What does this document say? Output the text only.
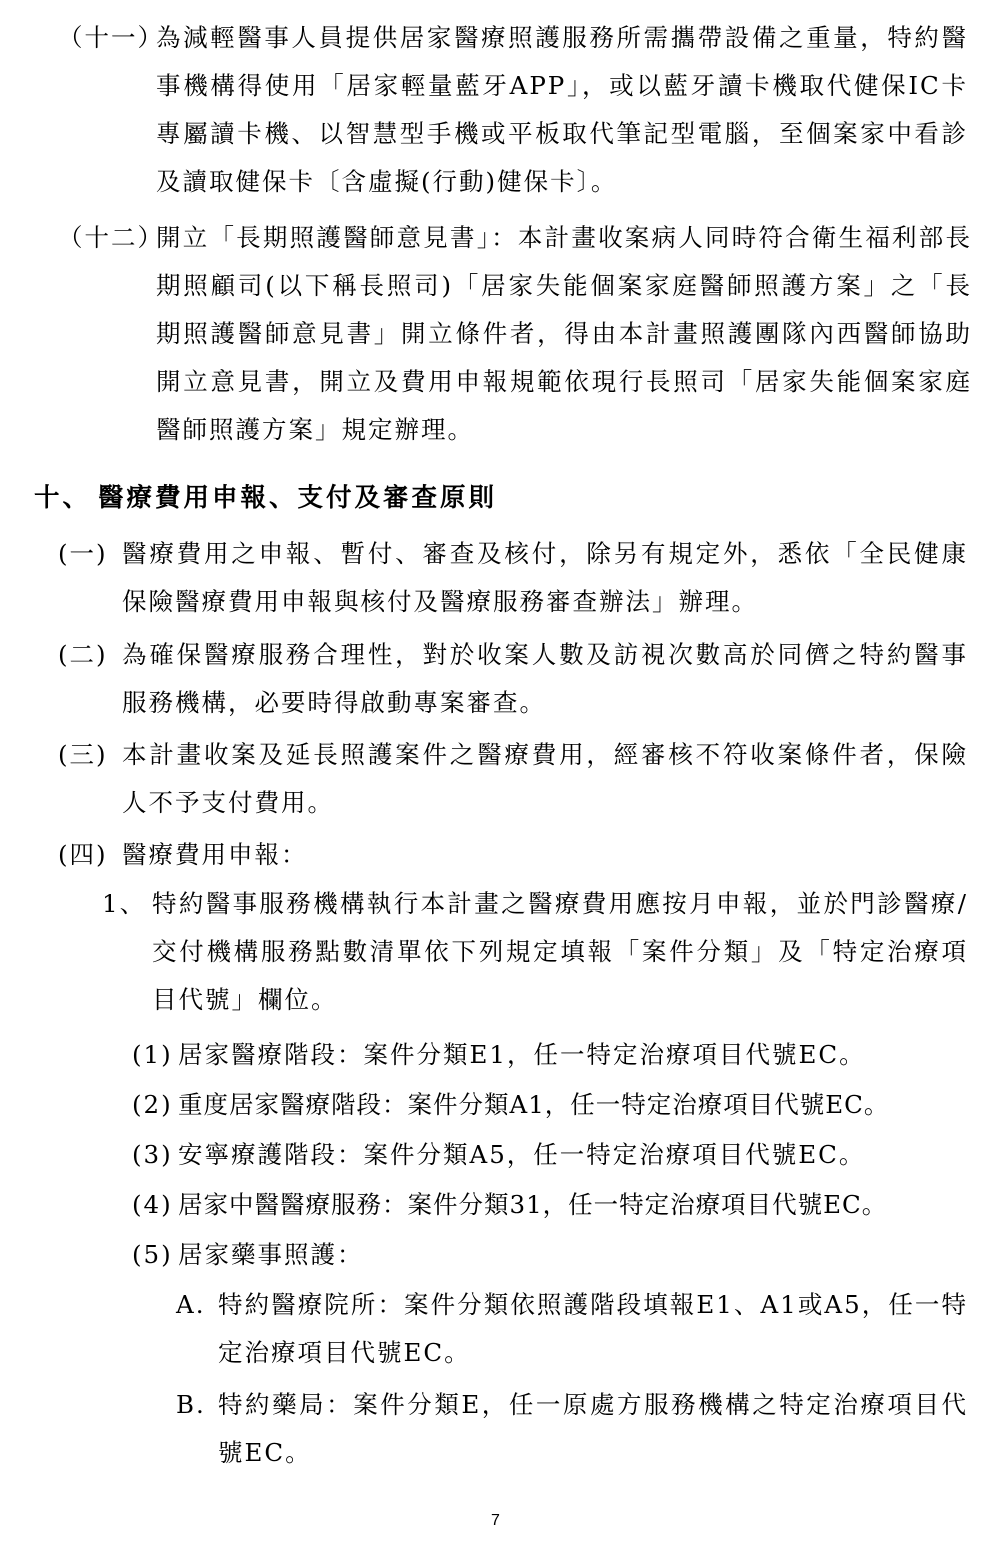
（十一）
為減輕醫事人員提供居家醫療照護服務所需攜帶設備之重量，特約醫事機構得使用「居家輕量藍牙APP」，或以藍牙讀卡機取代健保IC卡專屬讀卡機、以智慧型手機或平板取代筆記型電腦，至個案家中看診及讀取健保卡〔含虛擬(行動)健保卡〕。
（十二）
開立「長期照護醫師意見書」：本計畫收案病人同時符合衛生福利部長期照顧司(以下稱長照司)「居家失能個案家庭醫師照護方案」之「長期照護醫師意見書」開立條件者，得由本計畫照護團隊內西醫師協助開立意見書，開立及費用申報規範依現行長照司「居家失能個案家庭醫師照護方案」規定辦理。
十、 醫療費用申報、支付及審查原則
(一) 醫療費用之申報、暫付、審查及核付，除另有規定外，悉依「全民健康保險醫療費用申報與核付及醫療服務審查辦法」辦理。
(二) 為確保醫療服務合理性，對於收案人數及訪視次數高於同儕之特約醫事服務機構，必要時得啟動專案審查。
(三) 本計畫收案及延長照護案件之醫療費用，經審核不符收案條件者，保險人不予支付費用。
(四) 醫療費用申報：
1、 特約醫事服務機構執行本計畫之醫療費用應按月申報，並於門診醫療/交付機構服務點數清單依下列規定填報「案件分類」及「特定治療項目代號」欄位。
(1) 居家醫療階段：案件分類E1，任一特定治療項目代號EC。
(2) 重度居家醫療階段：案件分類A1，任一特定治療項目代號EC。
(3) 安寧療護階段：案件分類A5，任一特定治療項目代號EC。
(4) 居家中醫醫療服務：案件分類31，任一特定治療項目代號EC。
(5) 居家藥事照護：
A. 特約醫療院所：案件分類依照護階段填報E1、A1或A5，任一特定治療項目代號EC。
B. 特約藥局：案件分類E，任一原處方服務機構之特定治療項目代號EC。
7
